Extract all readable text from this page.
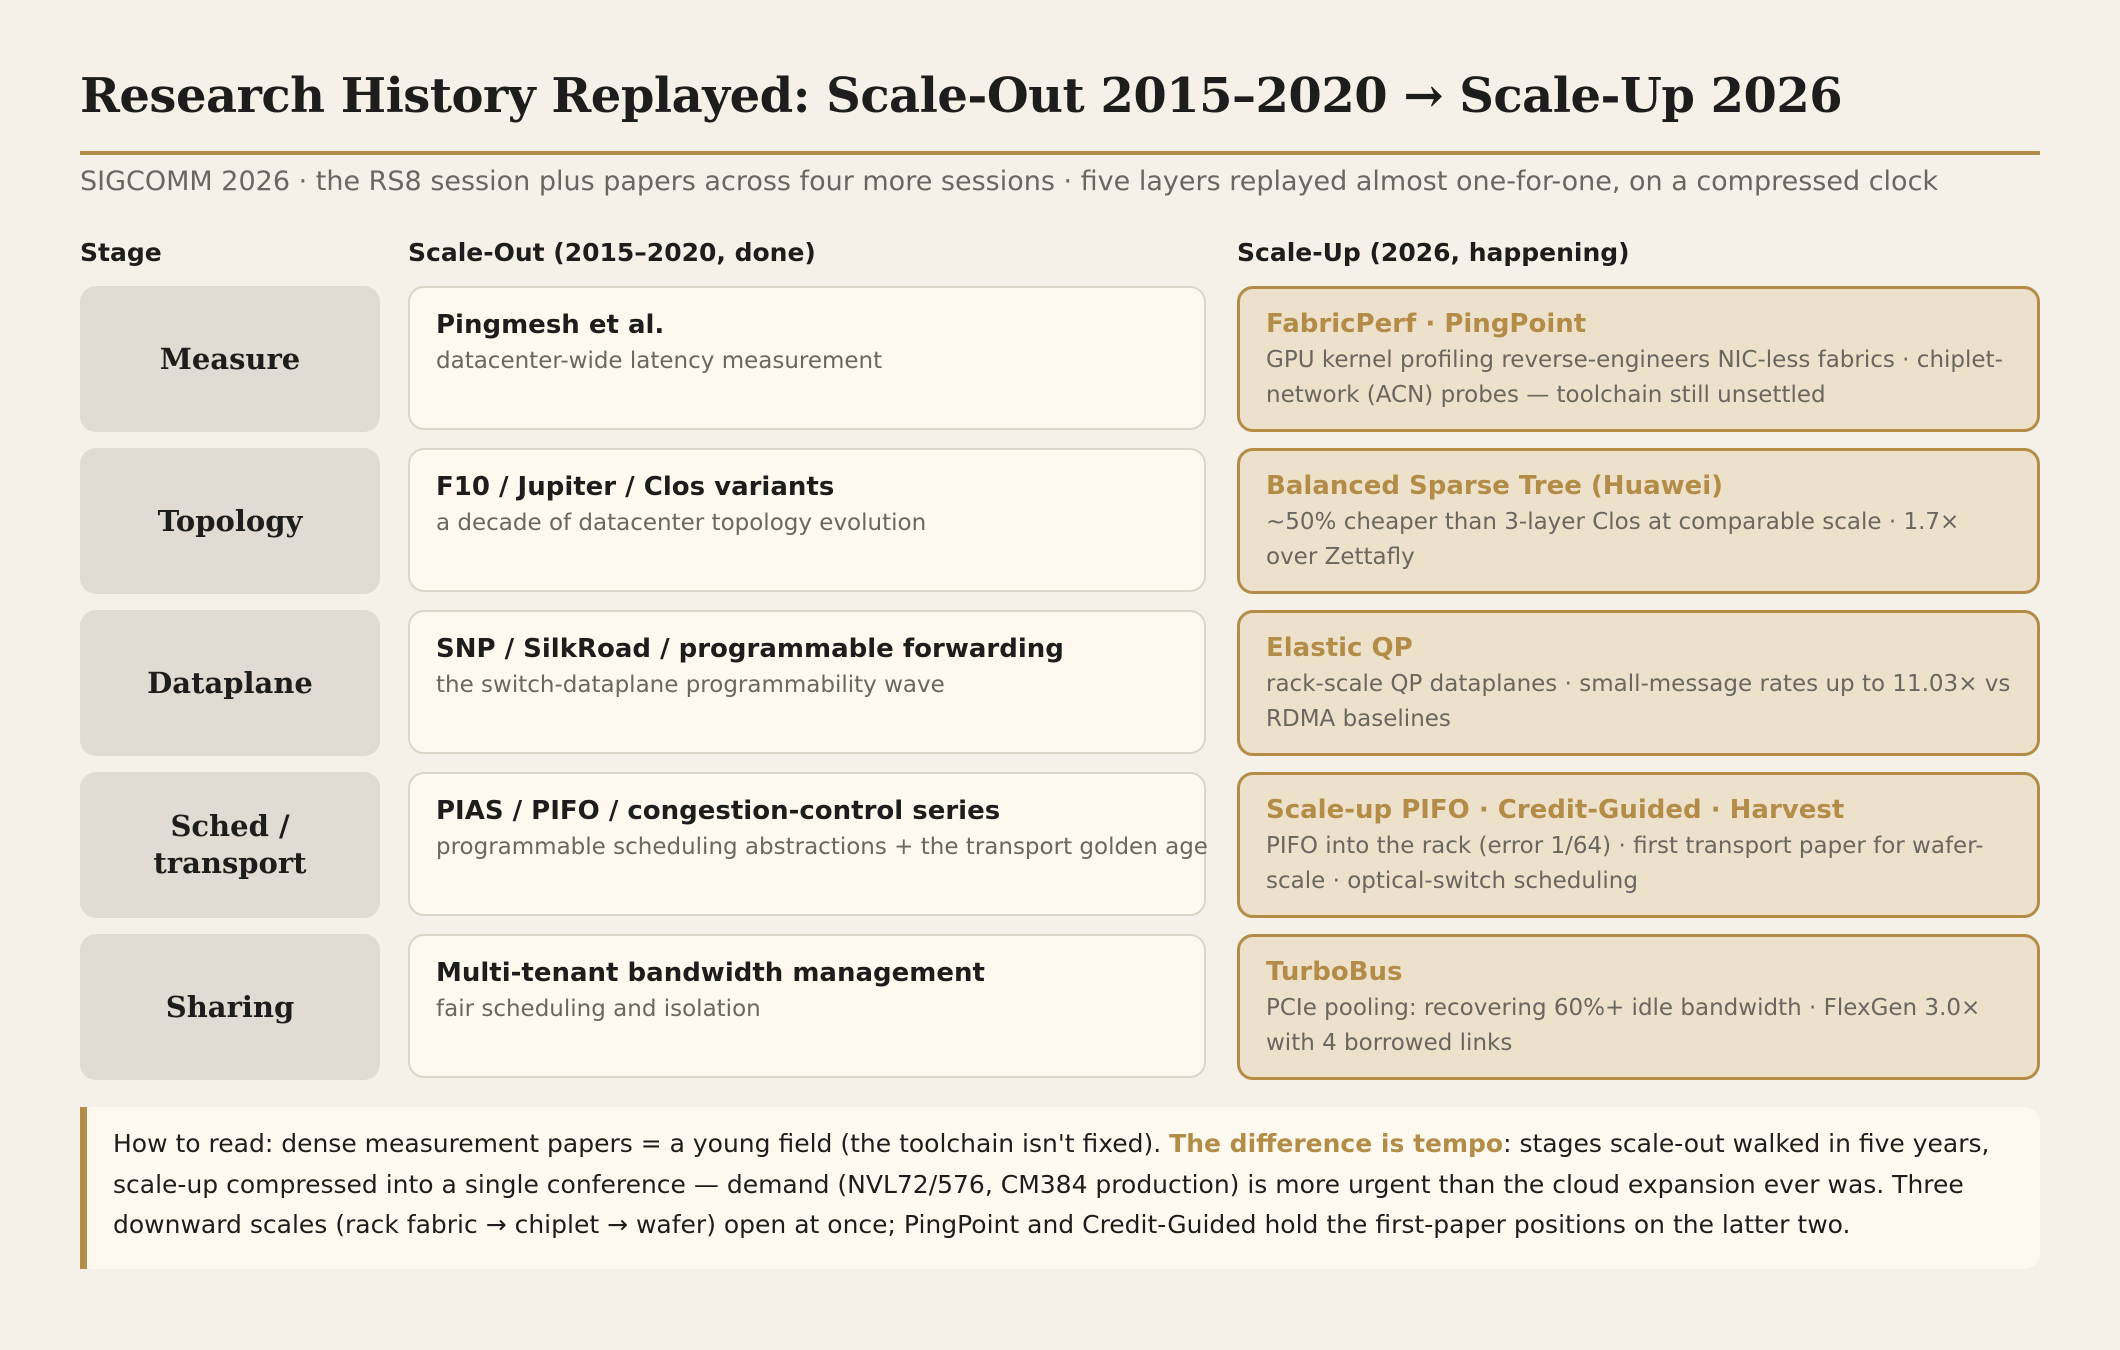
Research History Replayed: Scale-Out 2015–2020 → Scale-Up 2026
SIGCOMM 2026 · the RS8 session plus papers across four more sessions · five layers replayed almost one-for-one, on a compressed clock
Stage	Scale-Out (2015–2020, done)	Scale-Up (2026, happening)
Measure
Pingmesh et al.
datacenter-wide latency measurement
FabricPerf · PingPoint
GPU kernel profiling reverse-engineers NIC-less fabrics · chiplet-network (ACN) probes — toolchain still unsettled
Topology
F10 / Jupiter / Clos variants
a decade of datacenter topology evolution
Balanced Sparse Tree (Huawei)
~50% cheaper than 3-layer Clos at comparable scale · 1.7× over Zettafly
Dataplane
SNP / SilkRoad / programmable forwarding
the switch-dataplane programmability wave
Elastic QP
rack-scale QP dataplanes · small-message rates up to 11.03× vs RDMA baselines
Sched / transport
PIAS / PIFO / congestion-control series
programmable scheduling abstractions + the transport golden age
Scale-up PIFO · Credit-Guided · Harvest
PIFO into the rack (error 1/64) · first transport paper for wafer-scale · optical-switch scheduling
Sharing
Multi-tenant bandwidth management
fair scheduling and isolation
TurboBus
PCIe pooling: recovering 60%+ idle bandwidth · FlexGen 3.0× with 4 borrowed links
How to read: dense measurement papers = a young field (the toolchain isn't fixed). The difference is tempo: stages scale-out walked in five years, scale-up compressed into a single conference — demand (NVL72/576, CM384 production) is more urgent than the cloud expansion ever was. Three downward scales (rack fabric → chiplet → wafer) open at once; PingPoint and Credit-Guided hold the first-paper positions on the latter two.
